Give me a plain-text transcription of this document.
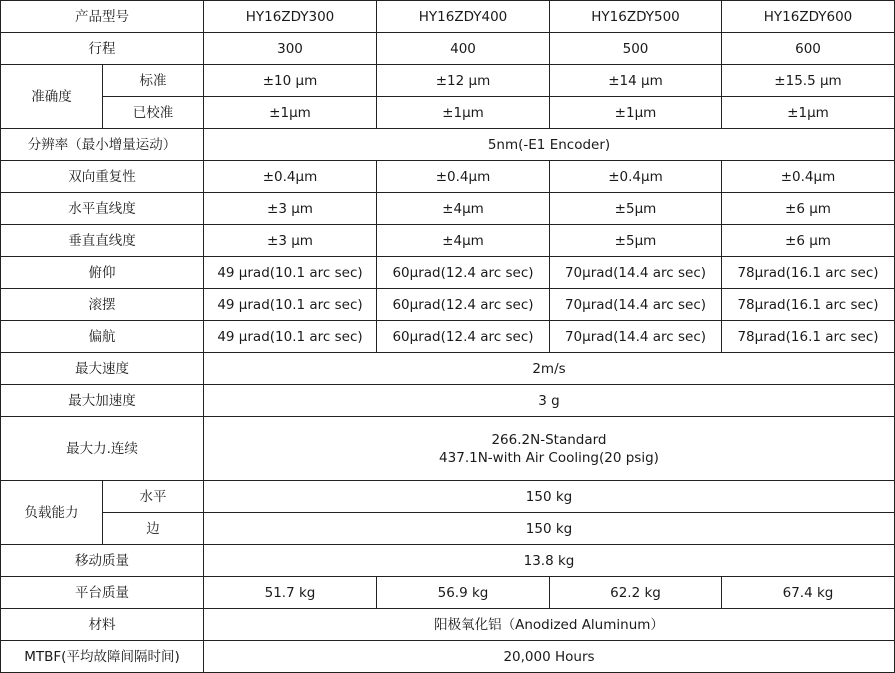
产品型号		HY16ZDY300	HY16ZDY400	HY16ZDY500	HY16ZDY600
行程		300	400	500	600
准确度	标准	±10 μm	±12 μm	±14 μm	±15.5 μm
	已校准	±1μm	±1μm	±1μm	±1μm
分辨率（最小增量运动）		5nm(-E1 Encoder)			
双向重复性		±0.4μm	±0.4μm	±0.4μm	±0.4μm
水平直线度		±3 μm	±4μm	±5μm	±6 μm
垂直直线度		±3 μm	±4μm	±5μm	±6 μm
俯仰		49 μrad(10.1 arc sec)	60μrad(12.4 arc sec)	70μrad(14.4 arc sec)	78μrad(16.1 arc sec)
滚摆		49 μrad(10.1 arc sec)	60μrad(12.4 arc sec)	70μrad(14.4 arc sec)	78μrad(16.1 arc sec)
偏航		49 μrad(10.1 arc sec)	60μrad(12.4 arc sec)	70μrad(14.4 arc sec)	78μrad(16.1 arc sec)
最大速度		2m/s			
最大加速度		3 g			
最大力.连续		266.2N-Standard
437.1N-with Air Cooling(20 psig)			

负载能力	水平	150 kg			
	边	150 kg			
移动质量		13.8 kg			
平台质量		51.7 kg	56.9 kg	62.2 kg	67.4 kg
材料		阳极氧化铝（Anodized Aluminum）			
MTBF(平均故障间隔时间)		20,000 Hours			
